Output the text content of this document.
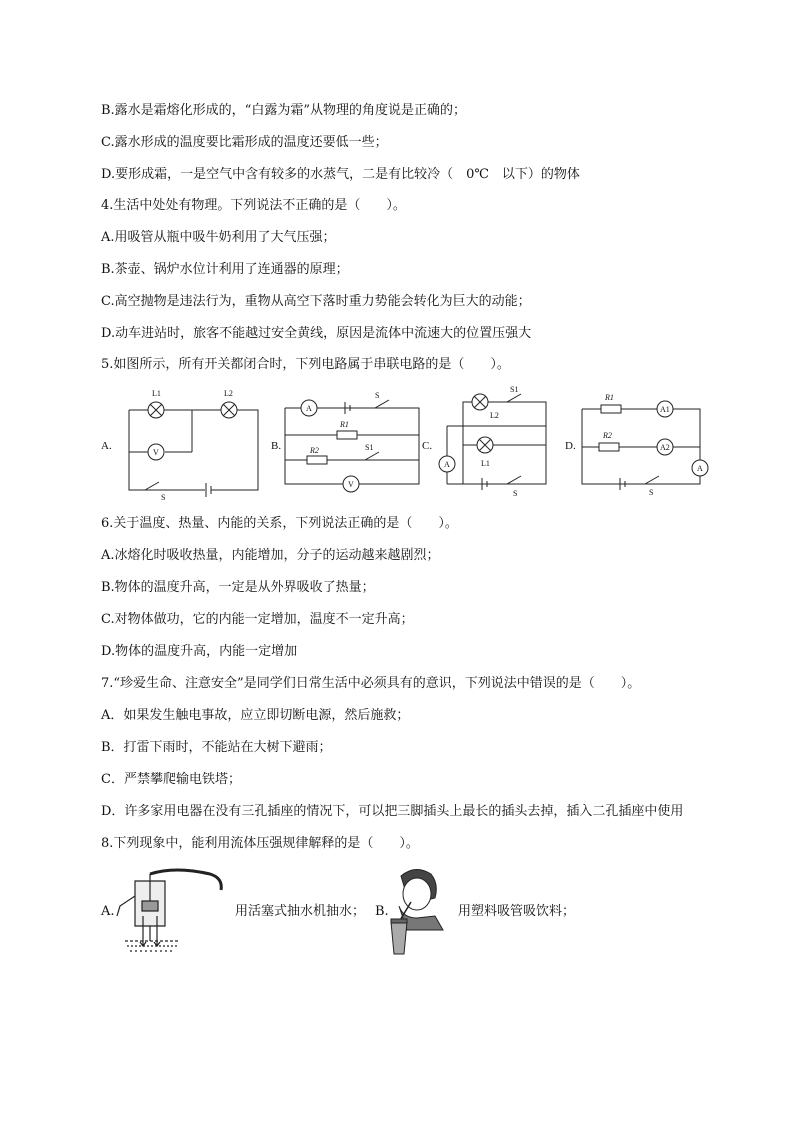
B.露水是霜熔化形成的，“白露为霜”从物理的角度说是正确的；
C.露水形成的温度要比霜形成的温度还要低一些；
D.要形成霜，一是空气中含有较多的水蒸气，二是有比较冷（　0℃　以下）的物体
4.生活中处处有物理。下列说法不正确的是（　　）。
A.用吸管从瓶中吸牛奶利用了大气压强；
B.茶壶、锅炉水位计利用了连通器的原理；
C.高空抛物是违法行为，重物从高空下落时重力势能会转化为巨大的动能；
D.动车进站时，旅客不能越过安全黄线，原因是流体中流速大的位置压强大
5.如图所示，所有开关都闭合时，下列电路属于串联电路的是（　　）。
A.
L1	L2
V
S
B.
A
S
R1
R2	S1
V
C.
S1
L2
L1
A
S
D.
R1
A1
R2
A2
A
S
6.关于温度、热量、内能的关系，下列说法正确的是（　　）。
A.冰熔化时吸收热量，内能增加，分子的运动越来越剧烈；
B.物体的温度升高，一定是从外界吸收了热量；
C.对物体做功，它的内能一定增加，温度不一定升高；
D.物体的温度升高，内能一定增加
7.“珍爱生命、注意安全”是同学们日常生活中必须具有的意识，下列说法中错误的是（　　）。
A．如果发生触电事故，应立即切断电源，然后施救；
B．打雷下雨时，不能站在大树下避雨；
C．严禁攀爬输电铁塔；
D．许多家用电器在没有三孔插座的情况下，可以把三脚插头上最长的插头去掉，插入二孔插座中使用
8.下列现象中，能利用流体压强规律解释的是（　　）。
A.	用活塞式抽水机抽水； B.	用塑料吸管吸饮料；
